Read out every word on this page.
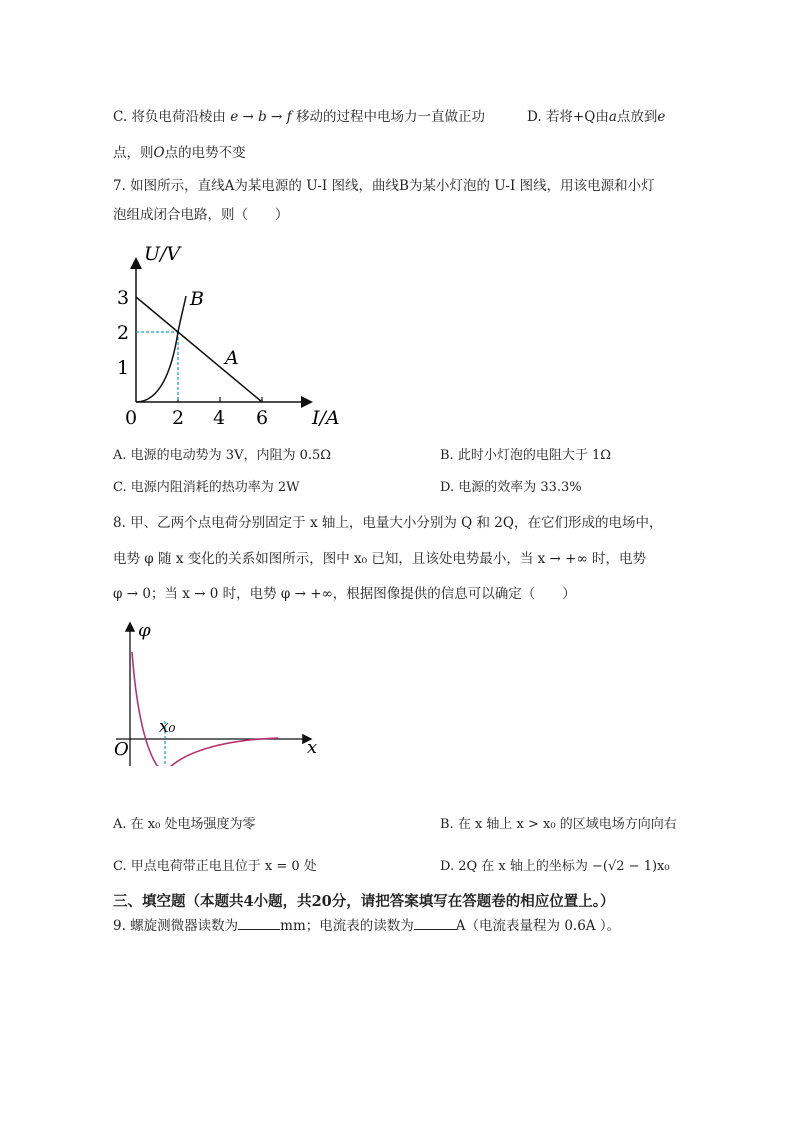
C. 将负电荷沿棱由 e → b → f 移动的过程中电场力一直做正功	D. 若将+Q由a点放到e
点，则O点的电势不变
7. 如图所示，直线A为某电源的 U-I 图线，曲线B为某小灯泡的 U-I 图线，用该电源和小灯
泡组成闭合电路，则（　　）
U/V
I/A
0
3
2
1
2 4 6
B
A
A. 电源的电动势为 3V，内阻为 0.5Ω	B. 此时小灯泡的电阻大于 1Ω
C. 电源内阻消耗的热功率为 2W	D. 电源的效率为 33.3%
8. 甲、乙两个点电荷分别固定于 x 轴上，电量大小分别为 Q 和 2Q，在它们形成的电场中，
电势 φ 随 x 变化的关系如图所示，图中 x₀ 已知，且该处电势最小，当 x → +∞ 时，电势
φ → 0；当 x → 0 时，电势 φ → +∞，根据图像提供的信息可以确定（　　）
φ
x
O
x₀
A. 在 x₀ 处电场强度为零	B. 在 x 轴上 x > x₀ 的区域电场方向向右
C. 甲点电荷带正电且位于 x = 0 处	D. 2Q 在 x 轴上的坐标为 −(√2 − 1)x₀
三、填空题（本题共4小题，共20分，请把答案填写在答题卷的相应位置上。）
9. 螺旋测微器读数为	mm；电流表的读数为	A（电流表量程为 0.6A ）。
